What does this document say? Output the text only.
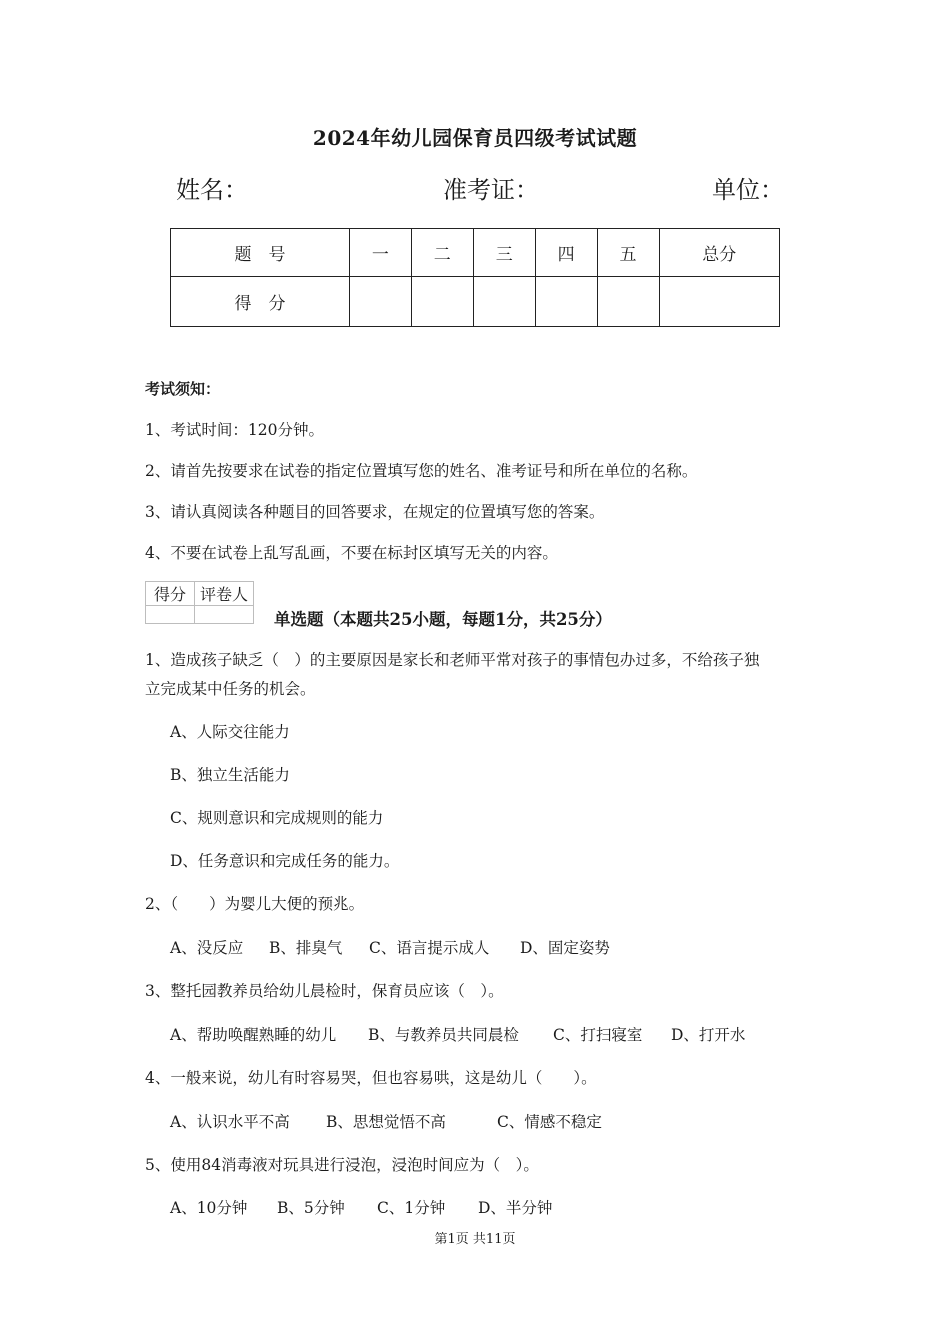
2024年幼儿园保育员四级考试试题
姓名：	准考证：	单位：
题　号	一	二	三	四	五	总分
得　分						
考试须知：
1、考试时间：120分钟。
2、请首先按要求在试卷的指定位置填写您的姓名、准考证号和所在单位的名称。
3、请认真阅读各种题目的回答要求，在规定的位置填写您的答案。
4、不要在试卷上乱写乱画，不要在标封区填写无关的内容。
得分	评卷人

单选题（本题共25小题，每题1分，共25分）
1、造成孩子缺乏（　）的主要原因是家长和老师平常对孩子的事情包办过多，不给孩子独
立完成某中任务的机会。
A、人际交往能力
B、独立生活能力
C、规则意识和完成规则的能力
D、任务意识和完成任务的能力。
2、（　　）为婴儿大便的预兆。
A、没反应 B、排臭气 C、语言提示成人 D、固定姿势
3、整托园教养员给幼儿晨检时，保育员应该（　）。
A、帮助唤醒熟睡的幼儿 B、与教养员共同晨检 C、打扫寝室 D、打开水
4、一般来说，幼儿有时容易哭，但也容易哄，这是幼儿（　　）。
A、认识水平不高 B、思想觉悟不高	C、情感不稳定
5、使用84消毒液对玩具进行浸泡，浸泡时间应为（　）。
A、10分钟 B、5分钟 C、1分钟 D、半分钟
第1页 共11页
